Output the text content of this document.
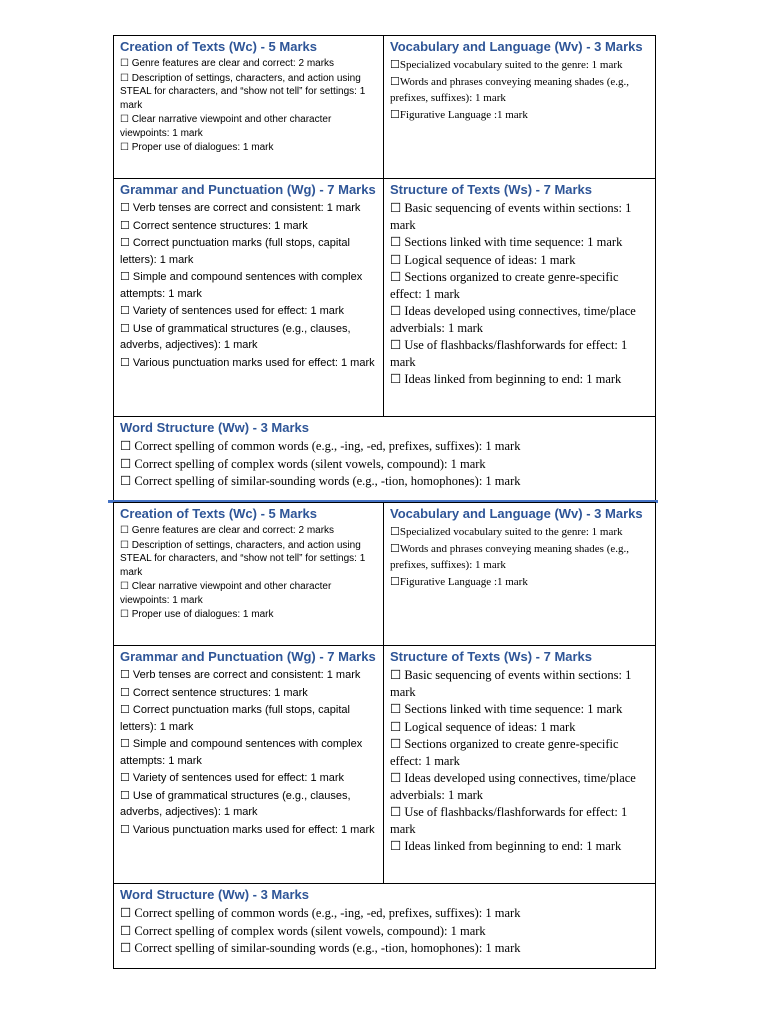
Creation of Texts (Wc) - 5 Marks
☐ Genre features are clear and correct: 2 marks
☐ Description of settings, characters, and action using STEAL for characters, and “show not tell” for settings: 1 mark
☐ Clear narrative viewpoint and other character viewpoints: 1 mark
☐ Proper use of dialogues: 1 mark
Vocabulary and Language (Wv) - 3 Marks
☐Specialized vocabulary suited to the genre: 1 mark
☐Words and phrases conveying meaning shades (e.g., prefixes, suffixes): 1 mark
☐Figurative Language :1 mark
Grammar and Punctuation (Wg) - 7 Marks
☐ Verb tenses are correct and consistent: 1 mark
☐ Correct sentence structures: 1 mark
☐ Correct punctuation marks (full stops, capital letters): 1 mark
☐ Simple and compound sentences with complex attempts: 1 mark
☐ Variety of sentences used for effect: 1 mark
☐ Use of grammatical structures (e.g., clauses, adverbs, adjectives): 1 mark
☐ Various punctuation marks used for effect: 1 mark
Structure of Texts (Ws) - 7 Marks
☐ Basic sequencing of events within sections: 1 mark
☐ Sections linked with time sequence: 1 mark
☐ Logical sequence of ideas: 1 mark
☐ Sections organized to create genre-specific effect: 1 mark
☐ Ideas developed using connectives, time/place adverbials: 1 mark
☐ Use of flashbacks/flashforwards for effect: 1 mark
☐ Ideas linked from beginning to end: 1 mark
Word Structure (Ww) - 3 Marks
☐ Correct spelling of common words (e.g., -ing, -ed, prefixes, suffixes): 1 mark
☐ Correct spelling of complex words (silent vowels, compound): 1 mark
☐ Correct spelling of similar-sounding words (e.g., -tion, homophones): 1 mark
Creation of Texts (Wc) - 5 Marks
☐ Genre features are clear and correct: 2 marks
☐ Description of settings, characters, and action using STEAL for characters, and “show not tell” for settings: 1 mark
☐ Clear narrative viewpoint and other character viewpoints: 1 mark
☐ Proper use of dialogues: 1 mark
Vocabulary and Language (Wv) - 3 Marks
☐Specialized vocabulary suited to the genre: 1 mark
☐Words and phrases conveying meaning shades (e.g., prefixes, suffixes): 1 mark
☐Figurative Language :1 mark
Grammar and Punctuation (Wg) - 7 Marks
☐ Verb tenses are correct and consistent: 1 mark
☐ Correct sentence structures: 1 mark
☐ Correct punctuation marks (full stops, capital letters): 1 mark
☐ Simple and compound sentences with complex attempts: 1 mark
☐ Variety of sentences used for effect: 1 mark
☐ Use of grammatical structures (e.g., clauses, adverbs, adjectives): 1 mark
☐ Various punctuation marks used for effect: 1 mark
Structure of Texts (Ws) - 7 Marks
☐ Basic sequencing of events within sections: 1 mark
☐ Sections linked with time sequence: 1 mark
☐ Logical sequence of ideas: 1 mark
☐ Sections organized to create genre-specific effect: 1 mark
☐ Ideas developed using connectives, time/place adverbials: 1 mark
☐ Use of flashbacks/flashforwards for effect: 1 mark
☐ Ideas linked from beginning to end: 1 mark
Word Structure (Ww) - 3 Marks
☐ Correct spelling of common words (e.g., -ing, -ed, prefixes, suffixes): 1 mark
☐ Correct spelling of complex words (silent vowels, compound): 1 mark
☐ Correct spelling of similar-sounding words (e.g., -tion, homophones): 1 mark
